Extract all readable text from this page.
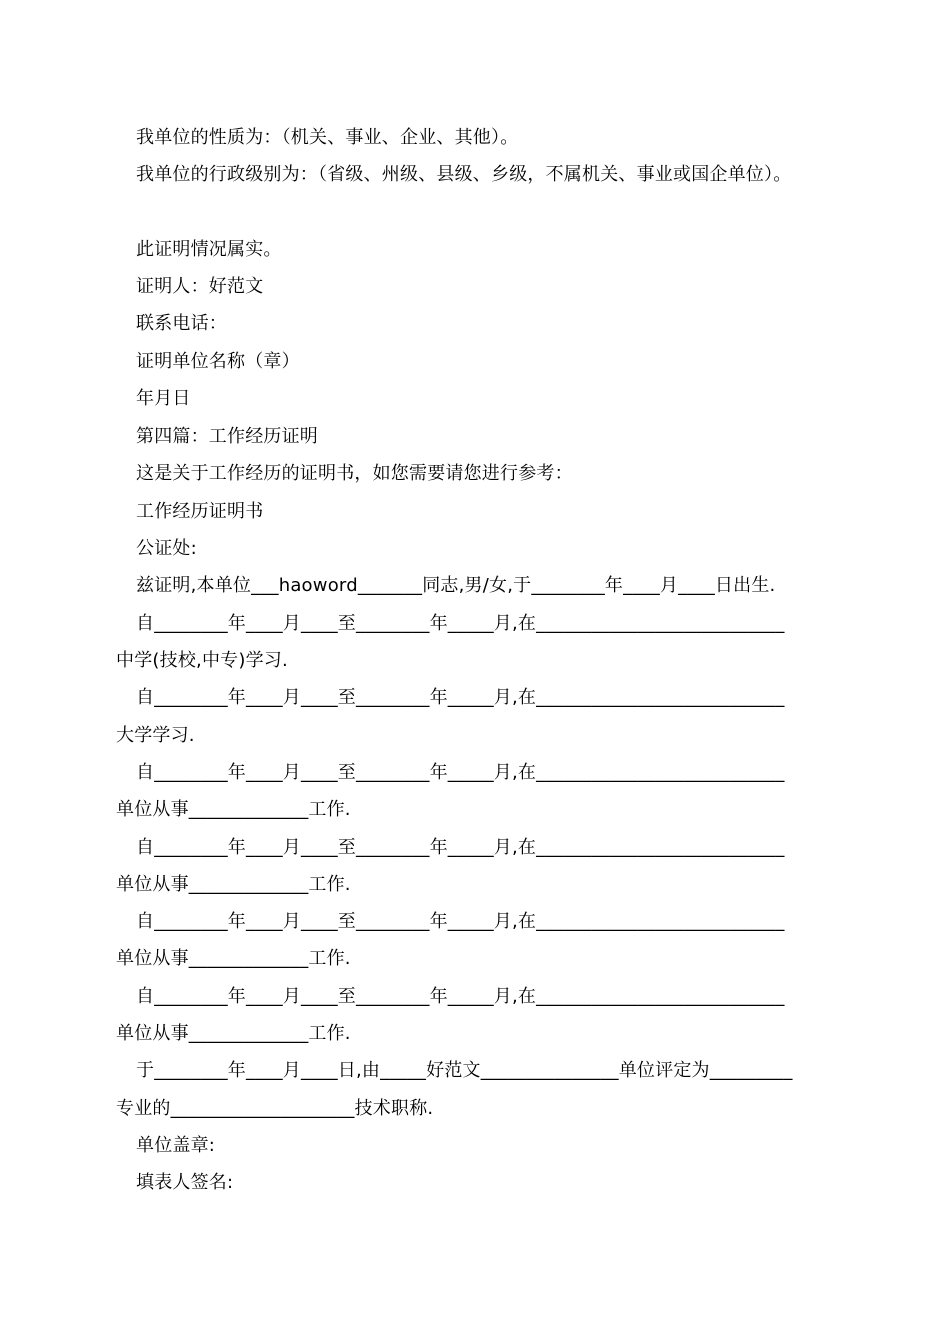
我单位的性质为：（机关、事业、企业、其他）。
我单位的行政级别为：（省级、州级、县级、乡级，不属机关、事业或国企单位）。
此证明情况属实。
证明人：好范文
联系电话：
证明单位名称（章）
年月日
第四篇：工作经历证明
这是关于工作经历的证明书，如您需要请您进行参考：
工作经历证明书
公证处:
兹证明,本单位___haoword_______同志,男/女,于________年____月____日出生.
自________年____月____至________年_____月,在___________________________
中学(技校,中专)学习.
自________年____月____至________年_____月,在___________________________
大学学习.
自________年____月____至________年_____月,在___________________________
单位从事_____________工作.
自________年____月____至________年_____月,在___________________________
单位从事_____________工作.
自________年____月____至________年_____月,在___________________________
单位从事_____________工作.
自________年____月____至________年_____月,在___________________________
单位从事_____________工作.
于________年____月____日,由_____好范文_______________单位评定为_________
专业的____________________技术职称.
单位盖章:
填表人签名:
